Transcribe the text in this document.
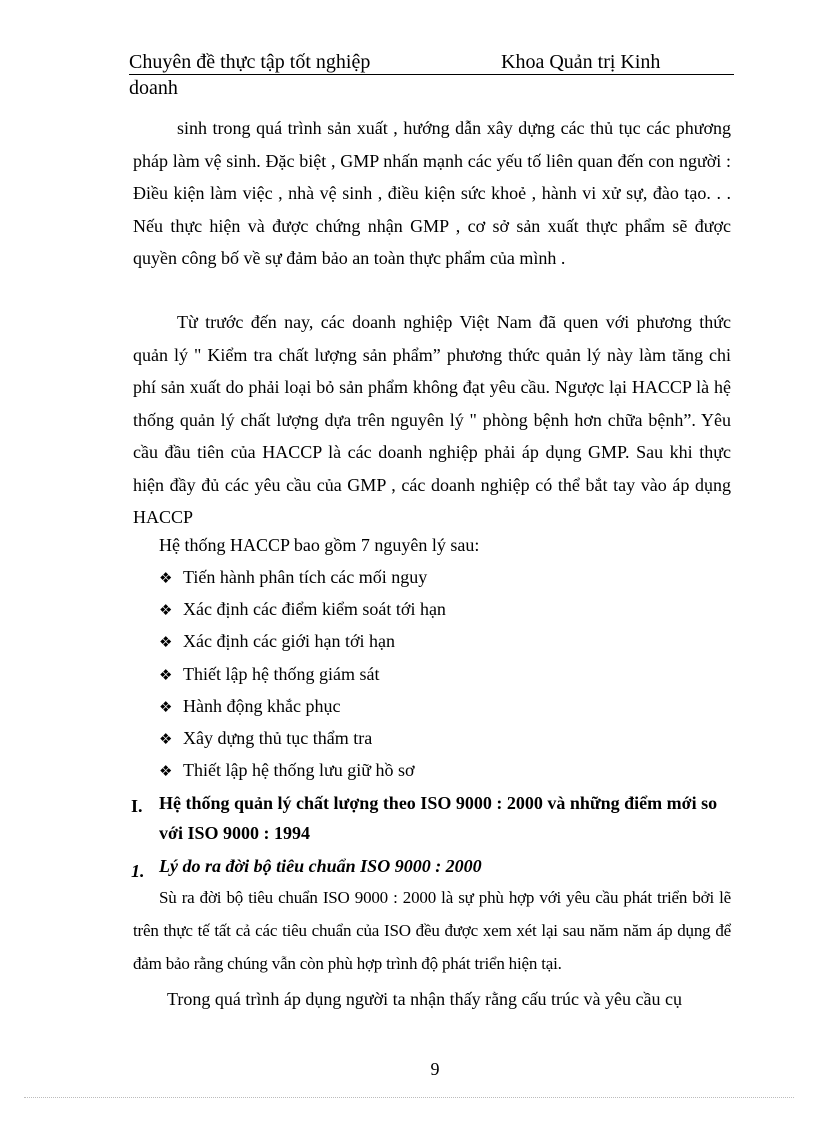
Chuyên đề thực tập tốt nghiệp	Khoa Quản trị Kinh
doanh

sinh trong quá trình sản xuất , hướng dẫn xây dựng các thủ tục các phương pháp làm vệ sinh. Đặc biệt , GMP nhấn mạnh các yếu tố liên quan đến con người : Điều kiện làm việc , nhà vệ sinh , điều kiện sức khoẻ , hành vi xử sự, đào tạo. . . Nếu thực hiện và được chứng nhận GMP , cơ sở sản xuất thực phẩm sẽ được quyền công bố về sự đảm bảo an toàn thực phẩm của mình .

Từ trước đến nay, các doanh nghiệp Việt Nam đã quen với phương thức quản lý " Kiểm tra chất lượng sản phẩm” phương thức quản lý này làm tăng chi phí sản xuất do phải loại bỏ sản phẩm không đạt yêu cầu. Ngược lại HACCP là hệ thống quản lý chất lượng dựa trên nguyên lý " phòng bệnh hơn chữa bệnh”. Yêu cầu đầu tiên của HACCP là các doanh nghiệp phải áp dụng GMP. Sau khi thực hiện đầy đủ các yêu cầu của GMP , các doanh nghiệp có thể bắt tay vào áp dụng HACCP

Hệ thống HACCP bao gồm 7 nguyên lý sau:
❖ Tiến hành phân tích các mối nguy
❖ Xác định các điểm kiểm soát tới hạn
❖ Xác định các giới hạn tới hạn
❖ Thiết lập hệ thống giám sát
❖ Hành động khắc phục
❖ Xây dựng thủ tục thẩm tra
❖ Thiết lập hệ thống lưu giữ hồ sơ
I. Hệ thống quản lý chất lượng theo ISO 9000 : 2000 và những điểm mới so với ISO 9000 : 1994
1. Lý do ra đời bộ tiêu chuẩn ISO 9000 : 2000

Sù ra đời bộ tiêu chuẩn ISO 9000 : 2000 là sự phù hợp với yêu cầu phát triển bởi lẽ trên thực tế tất cả các tiêu chuẩn của ISO đều được xem xét lại sau năm năm áp dụng để đảm bảo rằng chúng vẫn còn phù hợp trình độ phát triển hiện tại.

Trong quá trình áp dụng người ta nhận thấy rằng cấu trúc và yêu cầu cụ

9
